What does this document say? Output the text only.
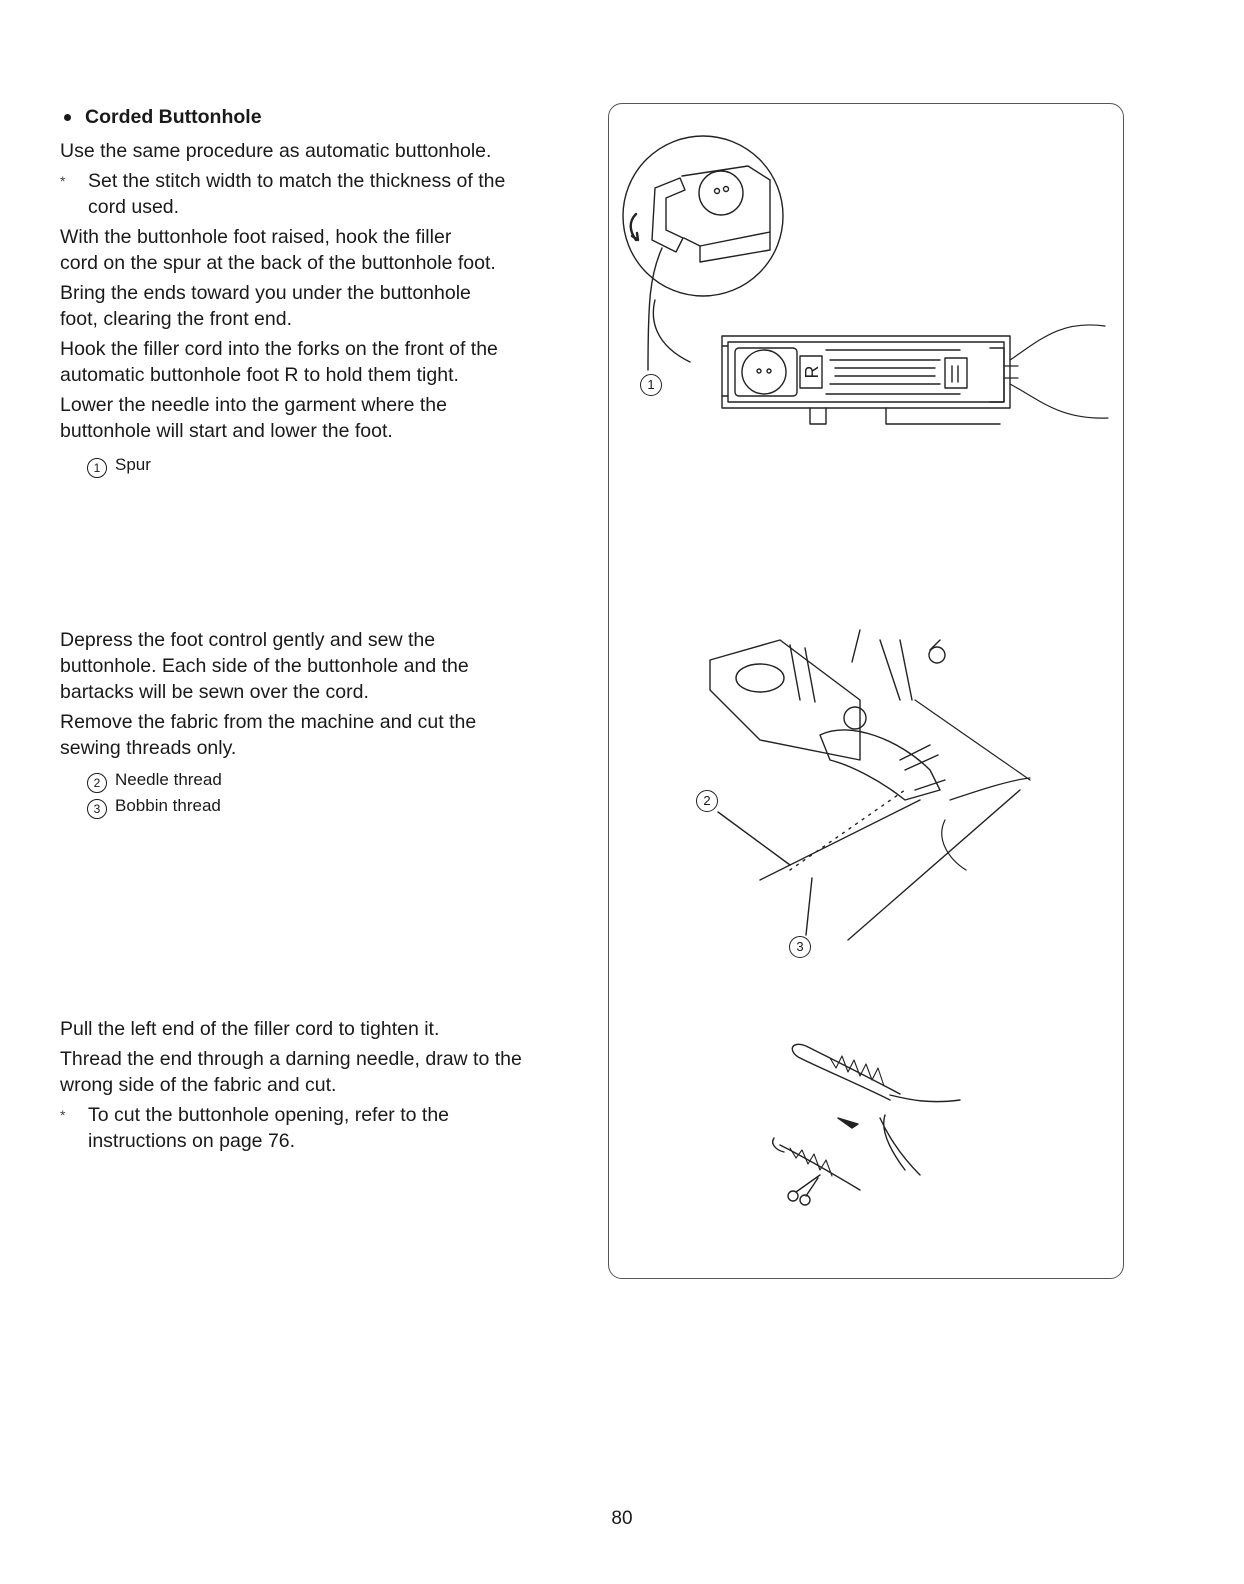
Corded Buttonhole

Use the same procedure as automatic buttonhole.

* Set the stitch width to match the thickness of the
cord used.

With the buttonhole foot raised, hook the filler
cord on the spur at the back of the buttonhole foot.

Bring the ends toward you under the buttonhole
foot, clearing the front end.

Hook the filler cord into the forks on the front of the
automatic buttonhole foot R to hold them tight.

Lower the needle into the garment where the
buttonhole will start and lower the foot.

1 Spur

Depress the foot control gently and sew the
buttonhole. Each side of the buttonhole and the
bartacks will be sewn over the cord.

Remove the fabric from the machine and cut the
sewing threads only.

2 Needle thread

3 Bobbin thread

Pull the left end of the filler cord to tighten it.

Thread the end through a darning needle, draw to the
wrong side of the fabric and cut.

* To cut the buttonhole opening, refer to the
instructions on page 76.

R
1
2
3
80
